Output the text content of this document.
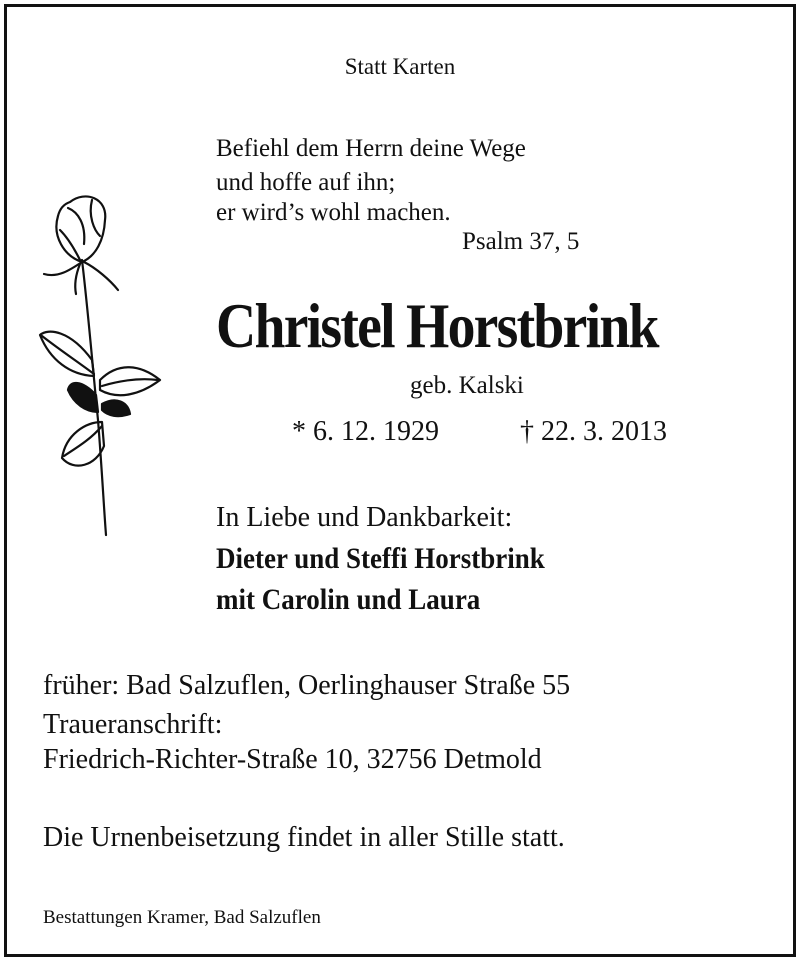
Statt Karten
Befiehl dem Herrn deine Wege
und hoffe auf ihn;
er wird’s wohl machen.
Psalm 37, 5
Christel Horstbrink
geb. Kalski
* 6. 12. 1929	† 22. 3. 2013
In Liebe und Dankbarkeit:
Dieter und Steffi Horstbrink
mit Carolin und Laura
früher: Bad Salzuflen, Oerlinghauser Straße 55
Traueranschrift:
Friedrich-Richter-Straße 10, 32756 Detmold
Die Urnenbeisetzung findet in aller Stille statt.
Bestattungen Kramer, Bad Salzuflen
